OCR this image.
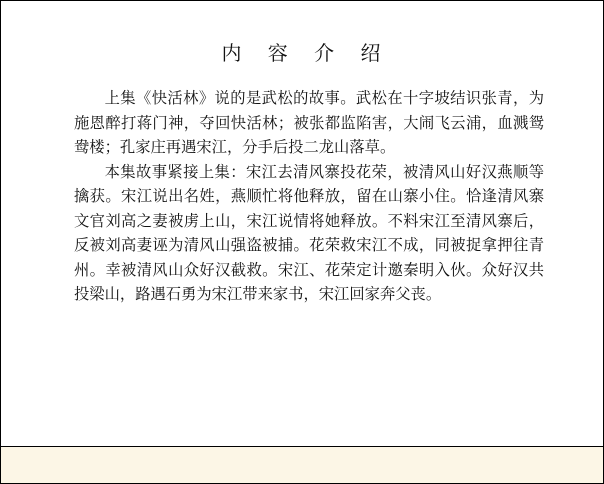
内 容 介 绍

上集《快活林》说的是武松的故事。武松在十字坡结识张青，为施恩醉打蒋门神，夺回快活林；被张都监陷害，大闹飞云浦，血溅鸳鸯楼；孔家庄再遇宋江，分手后投二龙山落草。

本集故事紧接上集：宋江去清风寨投花荣，被清风山好汉燕顺等擒获。宋江说出名姓，燕顺忙将他释放，留在山寨小住。恰逢清风寨文官刘高之妻被虏上山，宋江说情将她释放。不料宋江至清风寨后，反被刘高妻诬为清风山强盗被捕。花荣救宋江不成，同被捉拿押往青州。幸被清风山众好汉截救。宋江、花荣定计邀秦明入伙。众好汉共投梁山，路遇石勇为宋江带来家书，宋江回家奔父丧。
